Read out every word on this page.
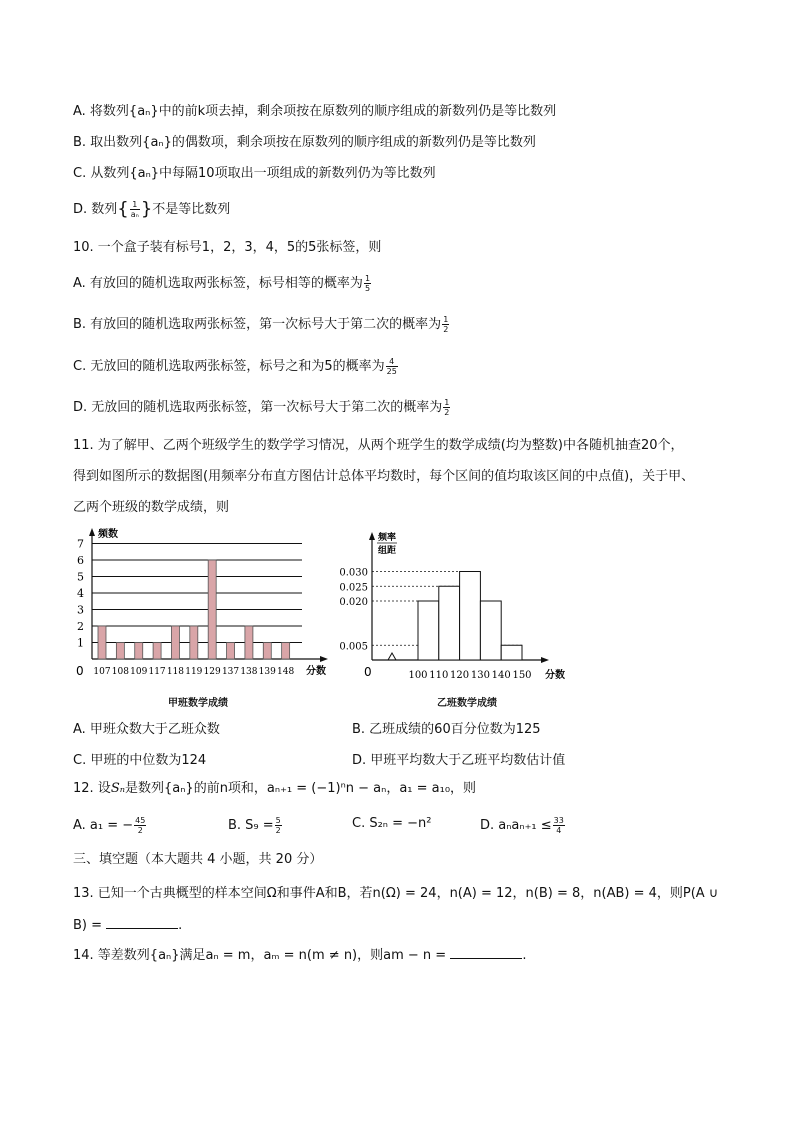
A. 将数列{aₙ}中的前k项去掉，剩余项按在原数列的顺序组成的新数列仍是等比数列
B. 取出数列{aₙ}的偶数项，剩余项按在原数列的顺序组成的新数列仍是等比数列
C. 从数列{aₙ}中每隔10项取出一项组成的新数列仍为等比数列
D. 数列{ $\frac{1}{\text{aₙ}}$ }不是等比数列
10. 一个盒子装有标号1，2，3，4，5的5张标签，则
A. 有放回的随机选取两张标签，标号相等的概率为 $\frac{1}{5}$
B. 有放回的随机选取两张标签，第一次标号大于第二次的概率为 $\frac{1}{2}$
C. 无放回的随机选取两张标签，标号之和为5的概率为 $\frac{4}{25}$
D. 无放回的随机选取两张标签，第一次标号大于第二次的概率为 $\frac{1}{2}$
11. 为了解甲、乙两个班级学生的数学学习情况，从两个班学生的数学成绩(均为整数)中各随机抽查20个，
得到如图所示的数据图(用频率分布直方图估计总体平均数时，每个区间的值均取该区间的中点值)，关于甲、
乙两个班级的数学成绩，则
1
2
3
4
5
6
7
频数
分数
0 107 108 109 117 118 119 129 137 138 139 148
甲班数学成绩
频率
组距
分数
0
0.005
0.020
0.025
0.030
100 110 120 130 140 150
乙班数学成绩
A. 甲班众数大于乙班众数	B. 乙班成绩的60百分位数为125
C. 甲班的中位数为124	D. 甲班平均数大于乙班平均数估计值
12. 设Sₙ是数列{aₙ}的前n项和，aₙ₊₁ = (−1)ⁿn − aₙ，a₁ = a₁₀，则
A. a₁ = − $\frac{45}{2}$	B. $S_9 = \frac{5}{2}$	C. S₂ₙ = −n²	D. $a_na_{n+1} \le \frac{33}{4}$
三、填空题（本大题共 4 小题，共 20 分）
13. 已知一个古典概型的样本空间Ω和事件A和B，若n(Ω) = 24，n(A) = 12，n(B) = 8，n(AB) = 4，则P(A ∪
B) =	.
14. 等差数列{aₙ}满足aₙ = m，aₘ = n(m ≠ n)，则am − n =	.
